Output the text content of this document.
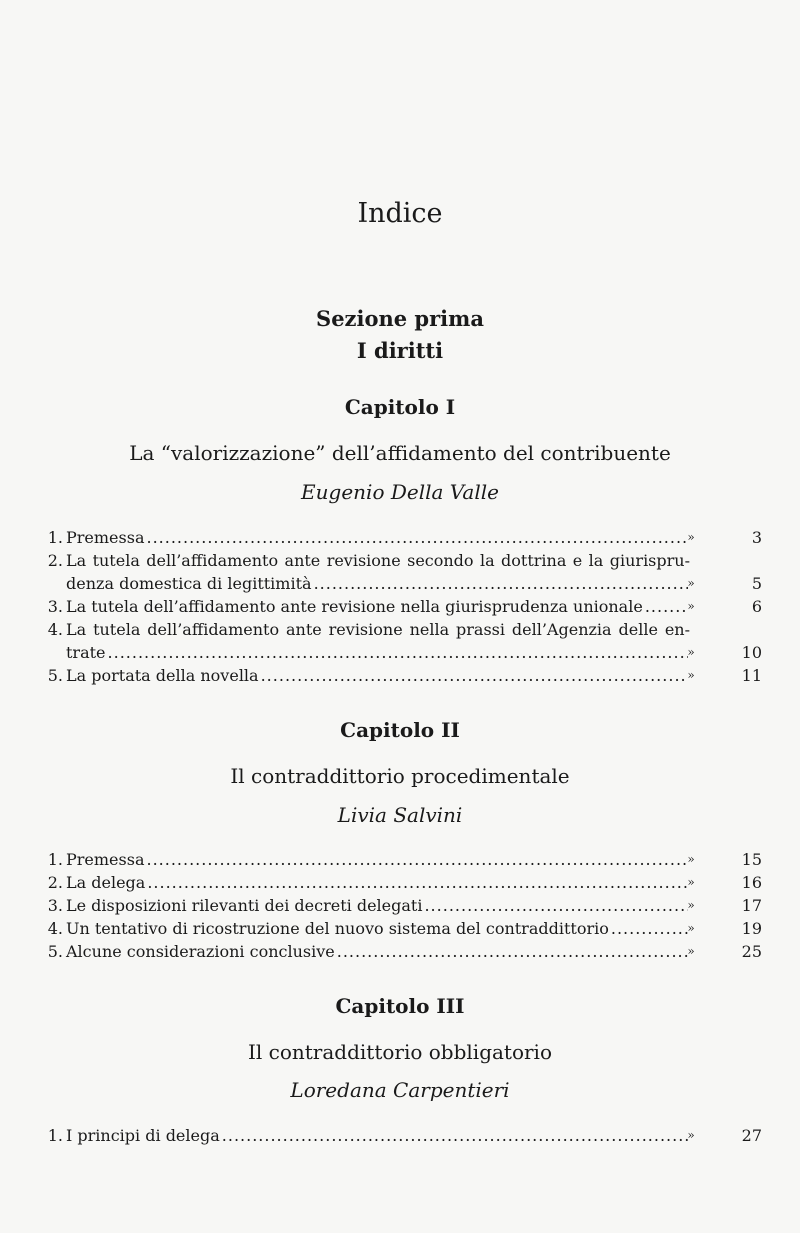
Indice
Sezione prima
I diritti
Capitolo I

La “valorizzazione” dell’affidamento del contribuente

Eugenio Della Valle

1. Premessa .....	»	3
2. La tutela dell’affidamento ante revisione secondo la dottrina e la giurispru-
denza domestica di legittimità .....	»	5
3. La tutela dell’affidamento ante revisione nella giurisprudenza unionale .....	»	6
4. La tutela dell’affidamento ante revisione nella prassi dell’Agenzia delle en-
trate .....	»	10
5. La portata della novella .....	»	11
Capitolo II

Il contraddittorio procedimentale

Livia Salvini

1. Premessa .....	»	15
2. La delega .....	»	16
3. Le disposizioni rilevanti dei decreti delegati .....	»	17
4. Un tentativo di ricostruzione del nuovo sistema del contraddittorio .....	»	19
5. Alcune considerazioni conclusive .....	»	25
Capitolo III

Il contraddittorio obbligatorio

Loredana Carpentieri

1. I principi di delega .....	»	27
